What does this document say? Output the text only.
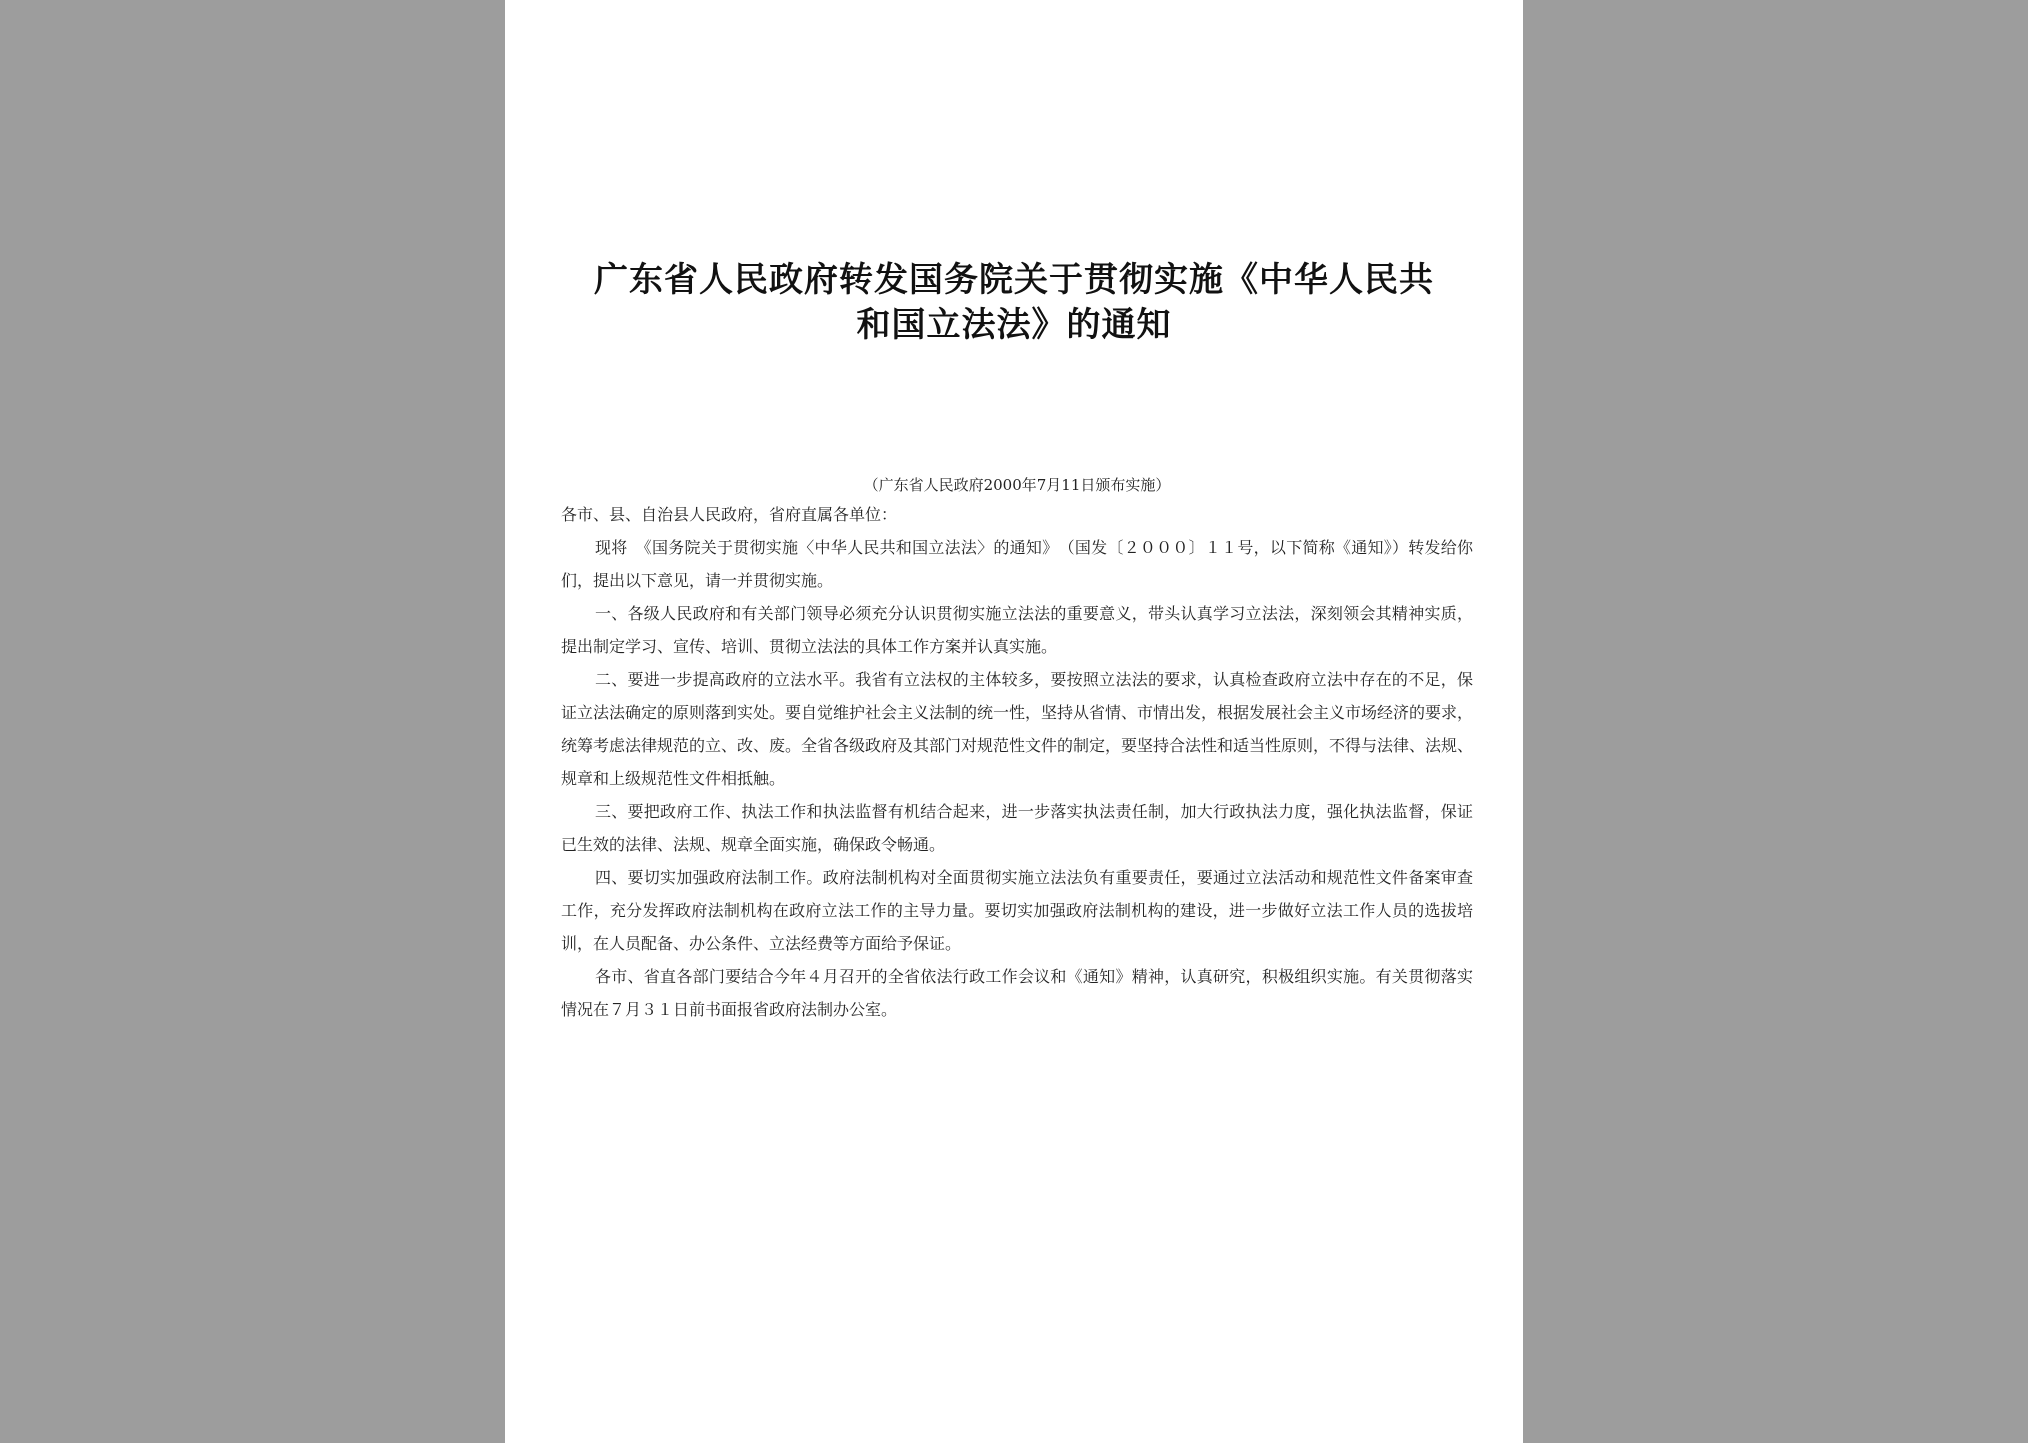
广东省人民政府转发国务院关于贯彻实施《中华人民共
和国立法法》的通知
（广东省人民政府2000年7月11日颁布实施）

各市、县、自治县人民政府，省府直属各单位：

现将　《国务院关于贯彻实施〈中华人民共和国立法法〉的通知》　（国发〔２０００〕１１号，以下简称《通知》）转发给你们，提出以下意见，请一并贯彻实施。

一、各级人民政府和有关部门领导必须充分认识贯彻实施立法法的重要意义，带头认真学习立法法，深刻领会其精神实质，提出制定学习、宣传、培训、贯彻立法法的具体工作方案并认真实施。

二、要进一步提高政府的立法水平。我省有立法权的主体较多，要按照立法法的要求，认真检查政府立法中存在的不足，保证立法法确定的原则落到实处。要自觉维护社会主义法制的统一性，坚持从省情、市情出发，根据发展社会主义市场经济的要求，统筹考虑法律规范的立、改、废。全省各级政府及其部门对规范性文件的制定，要坚持合法性和适当性原则，不得与法律、法规、规章和上级规范性文件相抵触。

三、要把政府工作、执法工作和执法监督有机结合起来，进一步落实执法责任制，加大行政执法力度，强化执法监督，保证已生效的法律、法规、规章全面实施，确保政令畅通。

四、要切实加强政府法制工作。政府法制机构对全面贯彻实施立法法负有重要责任，要通过立法活动和规范性文件备案审查工作，充分发挥政府法制机构在政府立法工作的主导力量。要切实加强政府法制机构的建设，进一步做好立法工作人员的选拔培训，在人员配备、办公条件、立法经费等方面给予保证。

各市、省直各部门要结合今年４月召开的全省依法行政工作会议和《通知》精神，认真研究，积极组织实施。有关贯彻落实情况在７月３１日前书面报省政府法制办公室。
